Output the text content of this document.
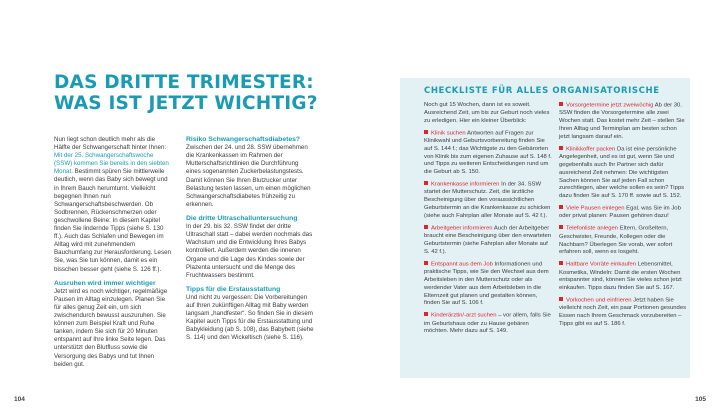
DAS DRITTE TRIMESTER:
WAS IST JETZT WICHTIG?

Nun liegt schon deutlich mehr als die Hälfte der Schwangerschaft hinter Ihnen: Mit der 25. Schwangerschaftswoche (SSW) kommen Sie bereits in den siebten Monat. Bestimmt spüren Sie mittlerweile deutlich, wenn das Baby sich bewegt und in Ihrem Bauch herumturnt. Vielleicht begegnen Ihnen nun Schwangerschaftsbeschwerden. Ob Sodbrennen, Rückenschmerzen oder geschwollene Beine: In diesem Kapitel finden Sie lindernde Tipps (siehe S. 130 ff.). Auch das Schlafen und Bewegen im Alltag wird mit zunehmendem Bauchumfang zur Herausforderung. Lesen Sie, was Sie tun können, damit es ein bisschen besser geht (siehe S. 126 ff.).

Ausruhen wird immer wichtiger

Jetzt wird es noch wichtiger, regelmäßige Pausen im Alltag einzulegen. Planen Sie für alles genug Zeit ein, um sich zwischendurch bewusst auszuruhen. Sie können zum Beispiel Kraft und Ruhe tanken, indem Sie sich für 20 Minuten entspannt auf Ihre linke Seite legen. Das unterstützt den Blutfluss sowie die Versorgung des Babys und tut Ihnen beiden gut.

Risiko Schwangerschaftsdiabetes?

Zwischen der 24. und 28. SSW übernehmen die Krankenkassen im Rahmen der Mutterschaftsrichtlinien die Durchführung eines sogenannten Zuckerbelastungstests. Damit können Sie Ihren Blutzucker unter Belastung testen lassen, um einen möglichen Schwangerschaftsdiabetes frühzeitig zu erkennen.

Die dritte Ultraschalluntersuchung

In der 29. bis 32. SSW findet der dritte Ultraschall statt – dabei werden nochmals das Wachstum und die Entwicklung Ihres Babys kontrolliert. Außerdem werden die inneren Organe und die Lage des Kindes sowie der Plazenta untersucht und die Menge des Fruchtwassers bestimmt.

Tipps für die Erstausstattung

Und nicht zu vergessen: Die Vorbereitungen auf Ihren zukünftigen Alltag mit Baby werden langsam „handfester“. So finden Sie in diesem Kapitel auch Tipps für die Erstausstattung und Babykleidung (ab S. 108), das Babybett (siehe S. 114) und den Wickeltisch (siehe S. 116).

104
CHECKLISTE FÜR ALLES ORGANISATORISCHE

Noch gut 15 Wochen, dann ist es soweit. Ausreichend Zeit, um bis zur Geburt noch vieles zu erledigen. Hier ein kleiner Überblick:

Klinik suchen Antworten auf Fragen zur Klinikwahl und Geburtsvorbereitung finden Sie auf S. 144 f.; das Wichtigste zu den Gebärorten von Klinik bis zum eigenen Zuhause auf S. 148 f. und Tipps zu weiteren Entscheidungen rund um die Geburt ab S. 150.

Krankenkasse informieren In der 34. SSW startet der Mutterschutz. Zeit, die ärztliche Bescheinigung über den voraussichtlichen Geburtstermin an die Krankenkasse zu schicken (siehe auch Fahrplan aller Monate auf S. 42 f.).

Arbeitgeber informieren Auch der Arbeitgeber braucht eine Bescheinigung über den erwarteten Geburtstermin (siehe Fahrplan aller Monate auf S. 42 f.).

Entspannt aus dem Job Informationen und praktische Tipps, wie Sie den Wechsel aus dem Arbeitsleben in den Mutterschutz oder als werdender Vater aus dem Arbeitsleben in die Elternzeit gut planen und gestalten können, finden Sie auf S. 106 f.

Kinderärztin/-arzt suchen – vor allem, falls Sie im Geburtshaus oder zu Hause gebären möchten. Mehr dazu auf S. 149.

Vorsorgetermine jetzt zweiwöchig Ab der 30. SSW finden die Vorsorgetermine alle zwei Wochen statt. Das kostet mehr Zeit – stellen Sie Ihren Alltag und Terminplan am besten schon jetzt langsam darauf ein.

Klinikkoffer packen Da ist eine persönliche Angelegenheit, und es ist gut, wenn Sie und gegebenfalls auch Ihr Partner sich dafür ausreichend Zeit nehmen: Die wichtigsten Sachen können Sie auf jeden Fall schon zurechtlegen, aber welche sollen es sein? Tipps dazu finden Sie auf S. 170 ff. sowie auf S. 152.

Viele Pausen einlegen Egal, was Sie im Job oder privat planen: Pausen gehören dazu!

Telefonliste anlegen Eltern, Großeltern, Geschwister, Freunde, Kollegen oder die Nachbarn? Überlegen Sie vorab, wer sofort erfahren soll, wenn es losgeht.

Haltbare Vorräte einkaufen Lebensmittel, Kosmetika, Windeln: Damit die ersten Wochen entspannter sind, können Sie vieles schon jetzt einkaufen. Tipps dazu finden Sie auf S. 167.

Vorkochen und einfrieren Jetzt haben Sie vielleicht noch Zeit, ein paar Portionen gesundes Essen nach Ihrem Geschmack vorzubereiten – Tipps gibt es auf S. 186 f.

105
